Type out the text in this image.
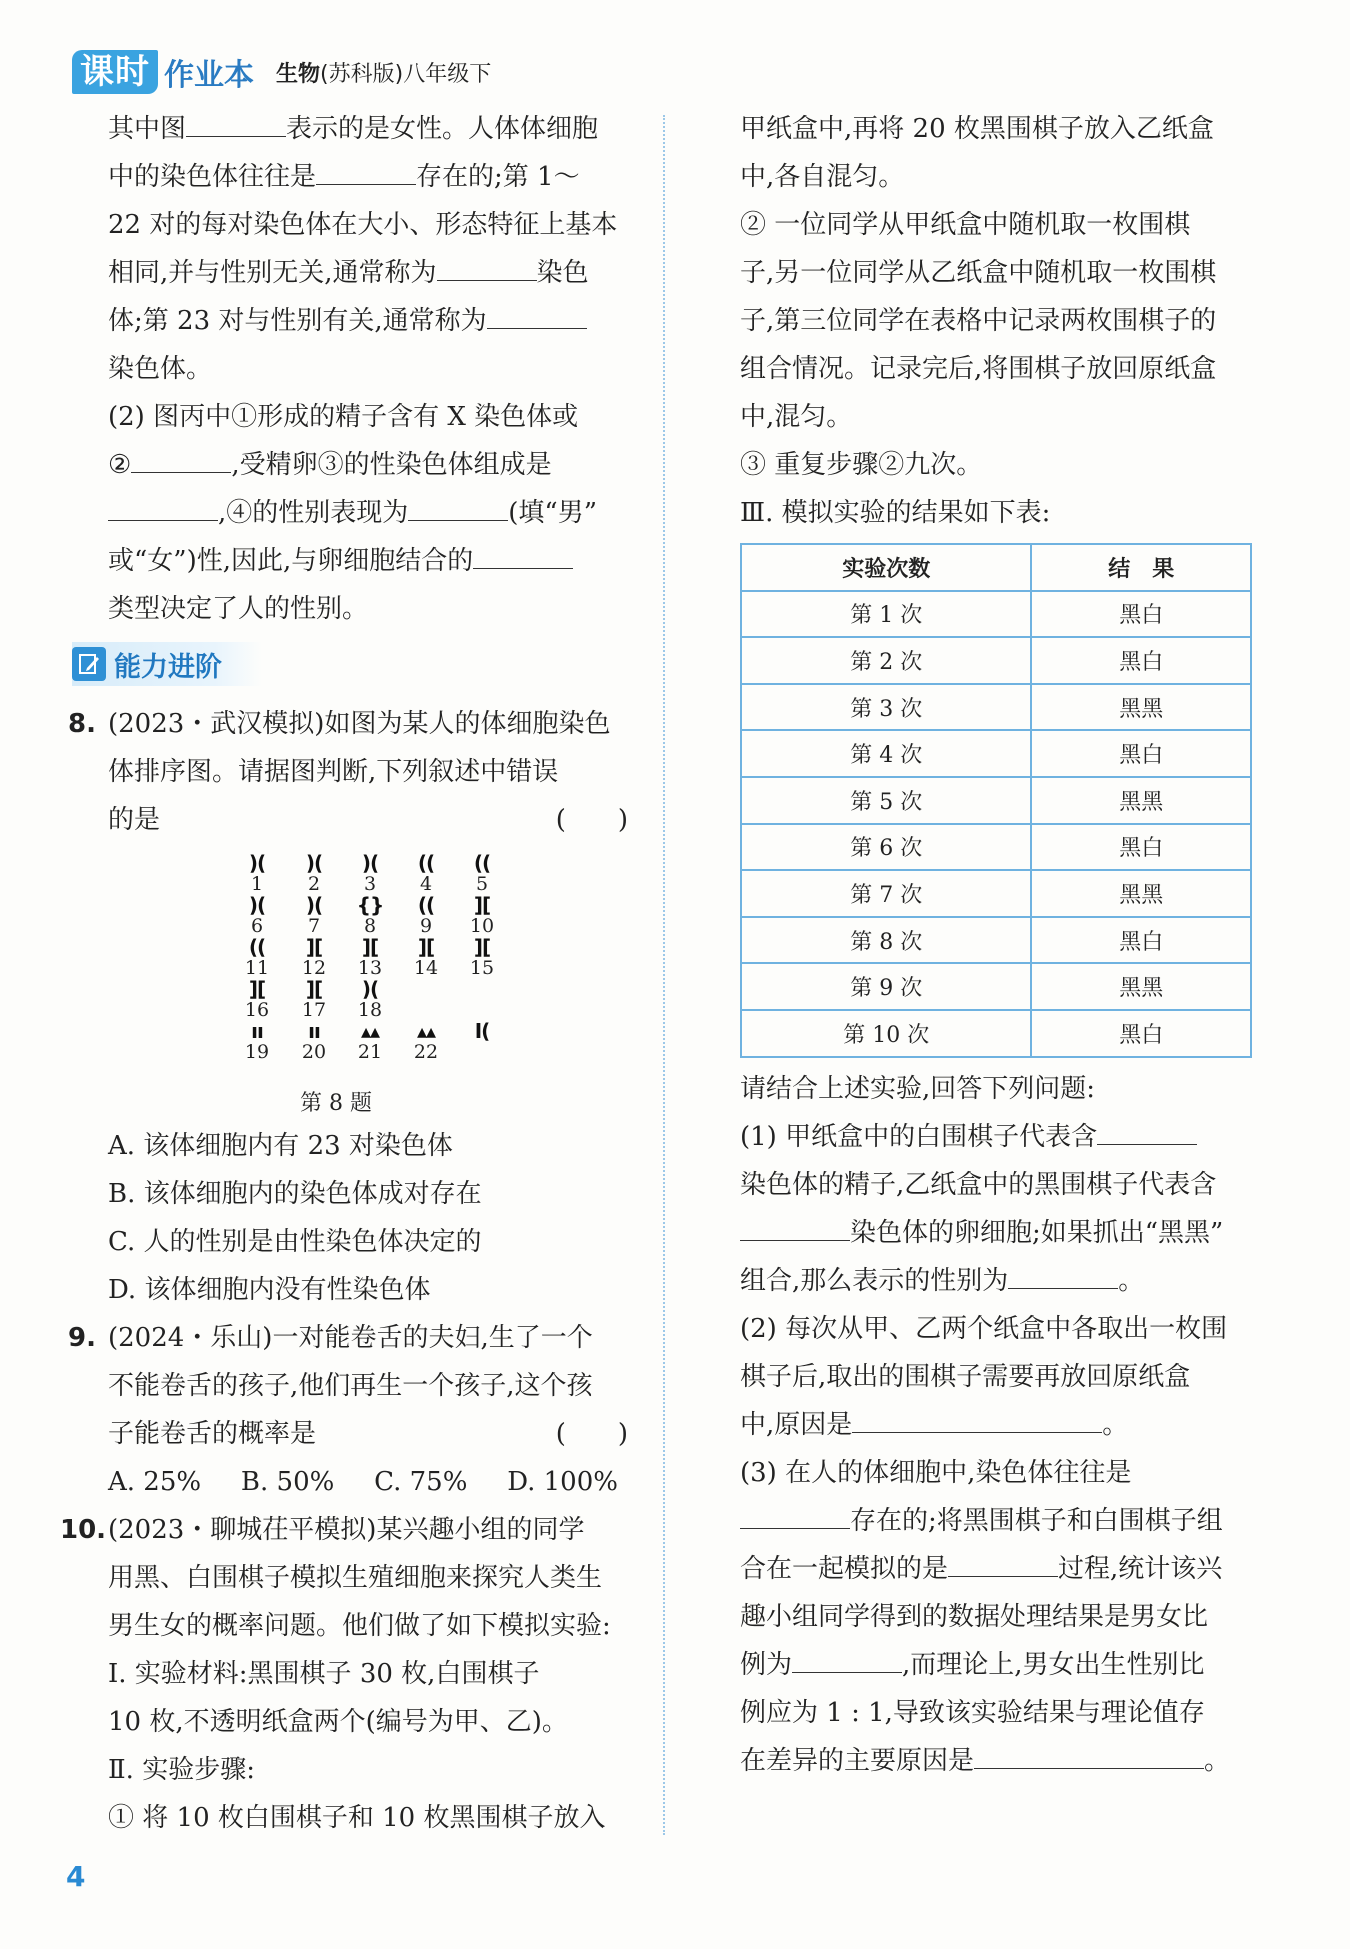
课时 作业本 生物(苏科版)八年级下

其中图	表示的是女性。人体体细胞

中的染色体往往是	存在的;第 1～

22 对的每对染色体在大小、形态特征上基本

相同,并与性别无关,通常称为	染色

体;第 23 对与性别有关,通常称为

染色体。

(2) 图丙中①形成的精子含有 X 染色体或

②	,受精卵③的性染色体组成是

,④的性别表现为	(填“男”

或“女”)性,因此,与卵细胞结合的

类型决定了人的性别。

能力进阶
8. (2023・武汉模拟)如图为某人的体细胞染色

体排序图。请据图判断,下列叙述中错误

的是	(　　)

)(
1
)(
2
)(
3
((
4
((
5
)(
6
)(
7
{}
8
((
9
][
10
((
11
][
12
][
13
][
14
][
15
][
16
][
17
)(
18
ıı
19
ıı
20
▴▴
21
▴▴
22
I(
第 8 题

A. 该体细胞内有 23 对染色体

B. 该体细胞内的染色体成对存在

C. 人的性别是由性染色体决定的

D. 该体细胞内没有性染色体

9. (2024・乐山)一对能卷舌的夫妇,生了一个

不能卷舌的孩子,他们再生一个孩子,这个孩

子能卷舌的概率是	(　　)

A. 25% B. 50% C. 75% D. 100%

10. (2023・聊城茌平模拟)某兴趣小组的同学

用黑、白围棋子模拟生殖细胞来探究人类生

男生女的概率问题。他们做了如下模拟实验:

Ⅰ. 实验材料:黑围棋子 30 枚,白围棋子

10 枚,不透明纸盒两个(编号为甲、乙)。

Ⅱ. 实验步骤:

① 将 10 枚白围棋子和 10 枚黑围棋子放入

甲纸盒中,再将 20 枚黑围棋子放入乙纸盒

中,各自混匀。

② 一位同学从甲纸盒中随机取一枚围棋

子,另一位同学从乙纸盒中随机取一枚围棋

子,第三位同学在表格中记录两枚围棋子的

组合情况。记录完后,将围棋子放回原纸盒

中,混匀。

③ 重复步骤②九次。

Ⅲ. 模拟实验的结果如下表:

实验次数	结　果
第 1 次	黑白
第 2 次	黑白
第 3 次	黑黑
第 4 次	黑白
第 5 次	黑黑
第 6 次	黑白
第 7 次	黑黑
第 8 次	黑白
第 9 次	黑黑
第 10 次	黑白

请结合上述实验,回答下列问题:

(1) 甲纸盒中的白围棋子代表含

染色体的精子,乙纸盒中的黑围棋子代表含

染色体的卵细胞;如果抓出“黑黑”

组合,那么表示的性别为	。

(2) 每次从甲、乙两个纸盒中各取出一枚围

棋子后,取出的围棋子需要再放回原纸盒

中,原因是	。

(3) 在人的体细胞中,染色体往往是

存在的;将黑围棋子和白围棋子组

合在一起模拟的是	过程,统计该兴

趣小组同学得到的数据处理结果是男女比

例为	,而理论上,男女出生性别比

例应为 1 : 1,导致该实验结果与理论值存

在差异的主要原因是	。

4
